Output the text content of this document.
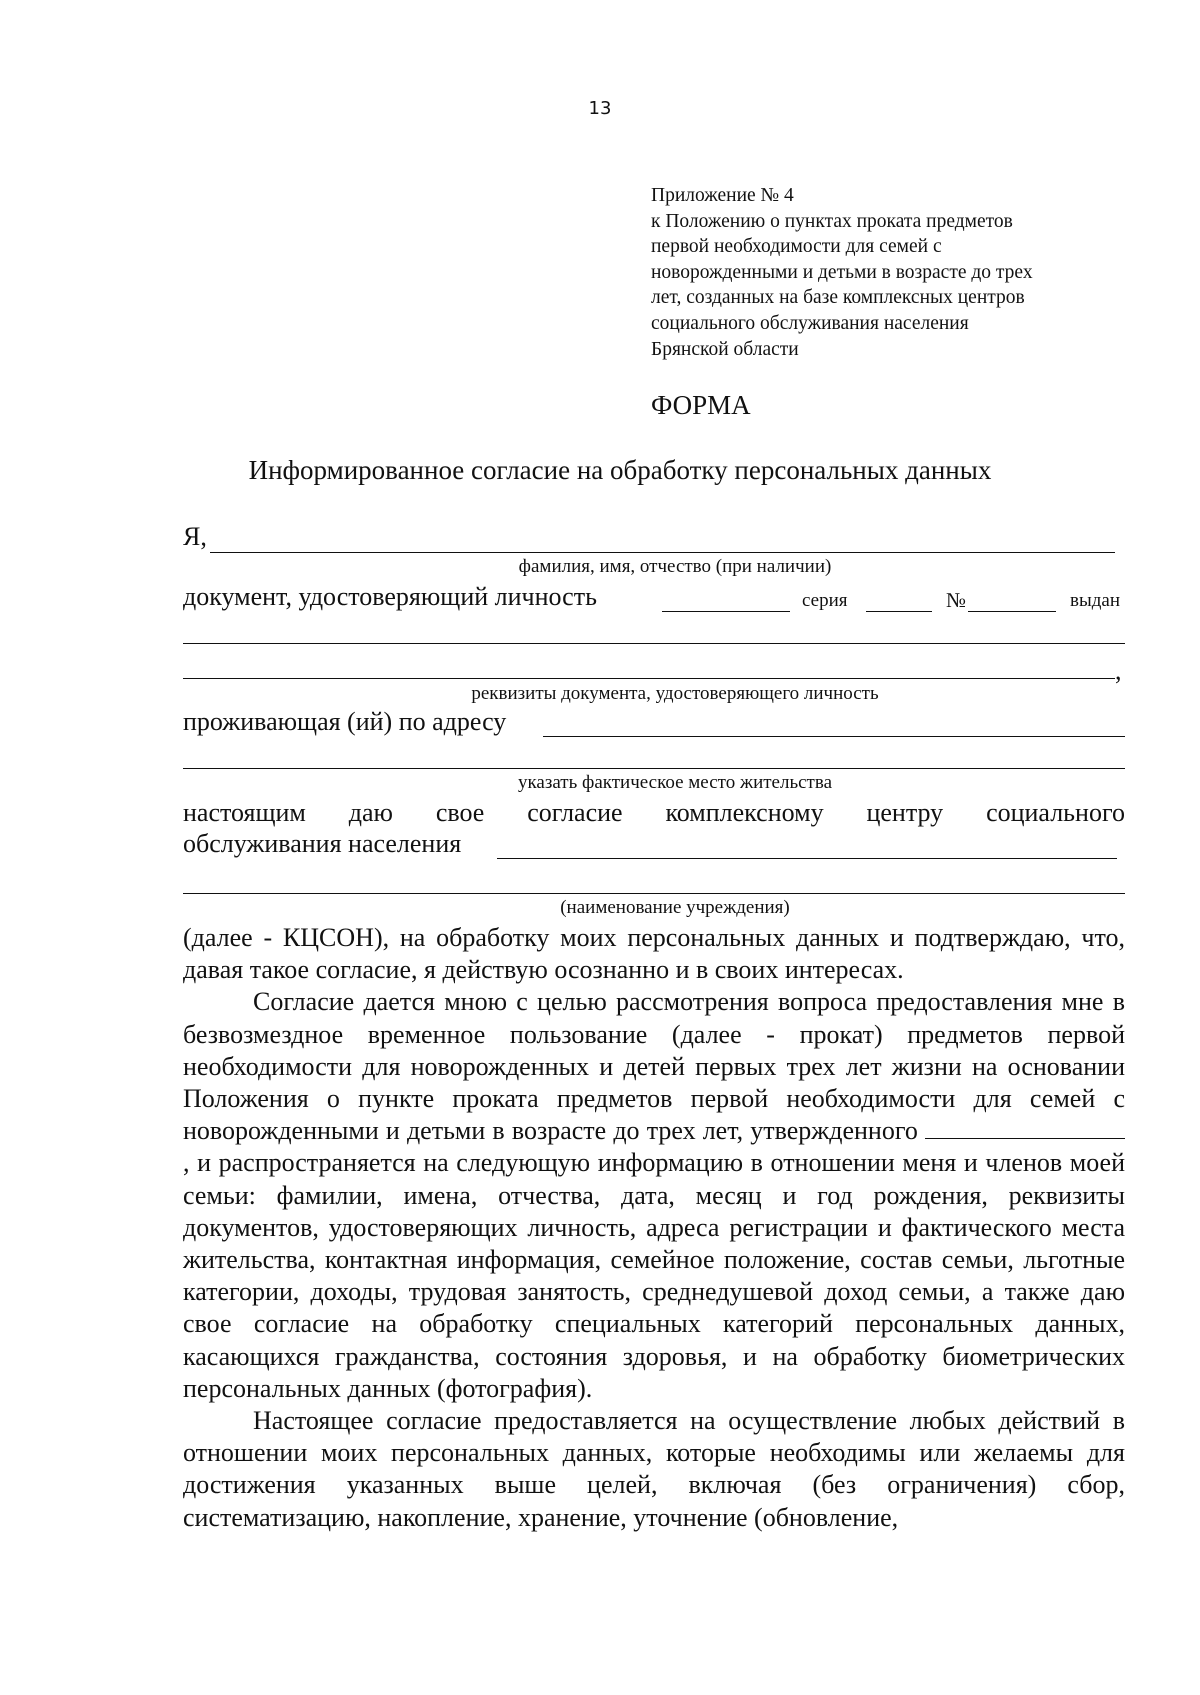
13
Приложение № 4
к Положению о пунктах проката предметов
первой необходимости для семей с
новорожденными и детьми в возрасте до трех
лет, созданных на базе комплексных центров
социального обслуживания населения
Брянской области
ФОРМА
Информированное согласие на обработку персональных данных
Я,
фамилия, имя, отчество (при наличии)
документ, удостоверяющий личность	серия	№	выдан
,
реквизиты документа, удостоверяющего личность
проживающая (ий) по адресу
указать фактическое место жительства
настоящим даю свое согласие комплексному центру социального
обслуживания населения
(наименование учреждения)

(далее - КЦСОН), на обработку моих персональных данных и подтверждаю, что, давая такое согласие, я действую осознанно и в своих интересах.

Согласие дается мною с целью рассмотрения вопроса предоставления мне в безвозмездное временное пользование (далее - прокат) предметов первой необходимости для новорожденных и детей первых трех лет жизни на основании Положения о пункте проката предметов первой необходимости для семей с новорожденными и детьми в возрасте до трех лет, утвержденного , и распространяется на следующую информацию в отношении меня и членов моей семьи: фамилии, имена, отчества, дата, месяц и год рождения, реквизиты документов, удостоверяющих личность, адреса регистрации и фактического места жительства, контактная информация, семейное положение, состав семьи, льготные категории, доходы, трудовая занятость, среднедушевой доход семьи, а также даю свое согласие на обработку специальных категорий персональных данных, касающихся гражданства, состояния здоровья, и на обработку биометрических персональных данных (фотография).

Настоящее согласие предоставляется на осуществление любых действий в отношении моих персональных данных, которые необходимы или желаемы для достижения указанных выше целей, включая (без ограничения) сбор, систематизацию, накопление, хранение, уточнение (обновление,
